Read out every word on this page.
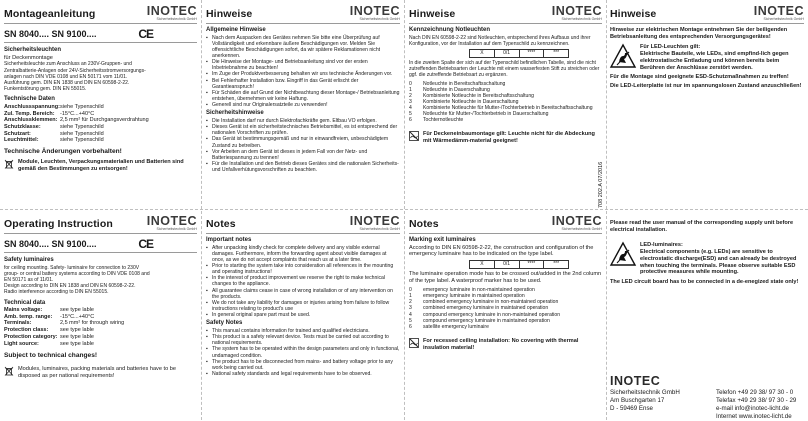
Montageanleitung	INOTEC
Sicherheitstechnik GmbH
SN 8040.... SN 9100....	CE
Sicherheitsleuchten
für Deckenmontage
Sicherheitsleuchte zum Anschluss an 230V-Gruppen- und
Zentralbatterie-Anlagen oder 24V-Sicherheitsstromversorgungs-
anlagen nach DIN VDE 0108 und EN 50171 vom 11/01.
Ausführung gem. DIN EN 1838 und DIN EN 60598-2-22.
Funkentstörung gem. DIN EN 55015.
Technische Daten
Anschlussspannung:	siehe Typenschild
Zul. Temp. Bereich:	-15°C...+40°C
Anschlussklemmen:	2,5 mm² für Durchgangsverdrahtung
Schutzklasse:	siehe Typenschild
Schutzart:	siehe Typenschild
Leuchtmittel:	siehe Typenschild
Technische Änderungen vorbehalten!
Module, Leuchten, Verpackungsmaterialien und Batterien sind gemäß den Bestimmungen zu entsorgen!
Hinweise	INOTEC
Sicherheitstechnik GmbH
Allgemeine Hinweise
▪ Nach dem Auspacken des Gerätes nehmen Sie bitte eine Überprüfung auf Vollständigkeit und erkennbare äußere Beschädigungen vor. Melden Sie offensichtliche Beschädigungen sofort, da wir spätere Reklamationen nicht anerkennen.
▪ Die Hinweise der Montage- und Betriebsanleitung sind vor der ersten Inbetriebnahme zu beachten!
▪ Im Zuge der Produktverbesserung behalten wir uns technische Änderungen vor.
▪ Bei Fehlerhafter Installation bzw. Eingriff in das Gerät erlischt der Garantieanspruch!
▪ Für Schäden die auf Grund der Nichtbeachtung dieser Montage-/ Betriebsanleitung entstehen, übernehmen wir keine Haftung.
▪ Generell sind nur Originalersatzteile zu verwenden!
Sicherheitshinweise
▪ Die Installation darf nur durch Elektrofachkräfte gem. Eltbau VO erfolgen.
▪ Dieses Gerät ist ein sicherheitstechnisches Betriebsmittel, es ist entsprechend der nationalen Vorschriften zu prüfen.
▪ Das Gerät ist bestimmungsgemäß und nur in einwandfreiem, unbeschädigtem Zustand zu betreiben.
▪ Vor Arbeiten an dem Gerät ist dieses in jedem Fall von der Netz- und Batteriespannung zu trennen!
▪ Für die Installation und den Betrieb dieses Gerätes sind die nationalen Sicherheits- und Unfallverhütungsvorschriften zu beachten.
Hinweise	INOTEC
Sicherheitstechnik GmbH
Kennzeichnung Notleuchten
Nach DIN EN 60598-2-22 sind Notleuchten, entsprechend ihres Aufbaus und ihrer Konfiguration, vor der Installation auf dem Typenschild zu kennzeichnen.
X	0/1	****	***
In die zweiten Spalte der sich auf der Typenschild befindlichen Tabelle, sind die nicht zutreffenden Betriebsarten der Leuchte mit einem wasserfesten Stift zu streichen oder ggf. die zutreffende Betriebsart zu ergänzen.
0	Notleuchte in Bereitschaftsschaltung
1	Notleuchte in Dauerschaltung
2	Kombinierte Notleuchte in Bereitschaftsschaltung
3	Kombinierte Notleuchte in Dauerschaltung
4	Kombinierte Notleuchte für Mutter-/Tochterbetrieb in Bereitschaftsschaltung
5	Notleuchte für Mutter-/Tochterbetrieb in Dauerschaltung
6	Tochternotleuchte
Für Deckeneinbaumontage gilt: Leuchte nicht für die Abdeckung mit Wärmedämm-material geeignet!
Hinweise	INOTEC
Sicherheitstechnik GmbH
Hinweise zur elektrischen Montage entnehmen Sie der beiligenden Betriebsanleitung des entsprechenden Versorgungsgerätes!
Für LED-Leuchten gilt:
Elektrische Bauteile, wie LEDs, sind empfind-lich gegen elektrostatische Entladung und können bereits beim Berühren der Anschlüsse zerstört werden.
Für die Montage sind geeignete ESD-Schutzmaßnahmen zu treffen!
Die LED-Leiterplatte ist nur im spannungslosen Zustand anzuschließen!
708 202.A 07/2016
Operating Instruction	INOTEC
Sicherheitstechnik GmbH
SN 8040.... SN 9100....	CE
Safety luminaires
for ceiling mounting. Safety- luminaire for connection to 230V
group- or central battery systems according to DIN VDE 0108 and
EN 50171 as of 11/01.
Design according to DIN EN 1838 and DIN EN 60598-2-22.
Radio interference according to DIN EN 55015.
Technical data
Mains voltage:	see type lable
Amb. temp. range:	-15°C...+40°C
Terminals:	2,5 mm² for through wiring
Protection class:	see type lable
Protection category:	see type lable
Light source:	see type lable
Subject to technical changes!
Modules, luminaires, packing materials and batteries have to be disposed as per national requirements!
Notes	INOTEC
Sicherheitstechnik GmbH
Important notes
▪ After unpacking kindly check for complete delivery and any visible external damages. Furthermore, inform the forwarding agent about visible damages at once, as we do not accept complaints that reach us at a later time.
▪ Prior to starting the system take into consideration all references in the mounting and operating instructions!
▪ In the interest of product improvement we reserve the right to make technical changes to the appliance.
▪ All guarantee claims cease in case of wrong installation or of any intervention on the products.
▪ We do not take any liability for damages or injuries arising from failure to follow instructions relating to product's use
▪ In general original spare part must be used.
Safety Notes
▪ This manual contains information for trained and qualified electricians.
▪ This product is a safety relevant device. Tests must be carried out according to national requirements.
▪ The system has to be operated within the design parameters and only in functional, undamaged condition.
▪ The product has to be disconnected from mains- and battery voltage prior to any work being carried out.
▪ National safety standards and legal requirements have to be observed.
Notes	INOTEC
Sicherheitstechnik GmbH
Marking exit luminaires
According to DIN EN 60598-2-22, the construction and configuration of the emergency luminaire has to be indicated on the type label.
X	0/1	****	***
The luminaire operation mode has to be crossed out/added in the 2nd column of the type label. A waterproof marker has to be used.
0	emergency luminaire in non-maintained operation
1	emergency luminaire in maintained operation
2	combined emergency luminaire in non-maintained operation
3	combined emergency luminaire in maintained operation
4	compound emergency luminaire in non-maintained operation
5	compound emergency luminaire in maintained operation
6	satellite emergency luminaire
For recessed ceiling installation: No covering with thermal insulation material!
Please read the user manual of the corresponding supply unit before electrical installation.
LED-luminaires:
Electrical components (e.g. LEDs) are sensitive to electrostatic discharge(ESD) and can already be destroyed when touching the terminals. Please observe suitable ESD protective measures while mounting.
The LED circuit board has to be connected in a de-enegized state only!
INOTEC
Sicherheitstechnik GmbH
Am Buschgarten 17
D - 59469 Ense
Telefon +49 29 38/ 97 30 - 0
Telefax +49 29 38/ 97 30 - 29
e-mail info@inotec-licht.de
Internet www.inotec-licht.de
